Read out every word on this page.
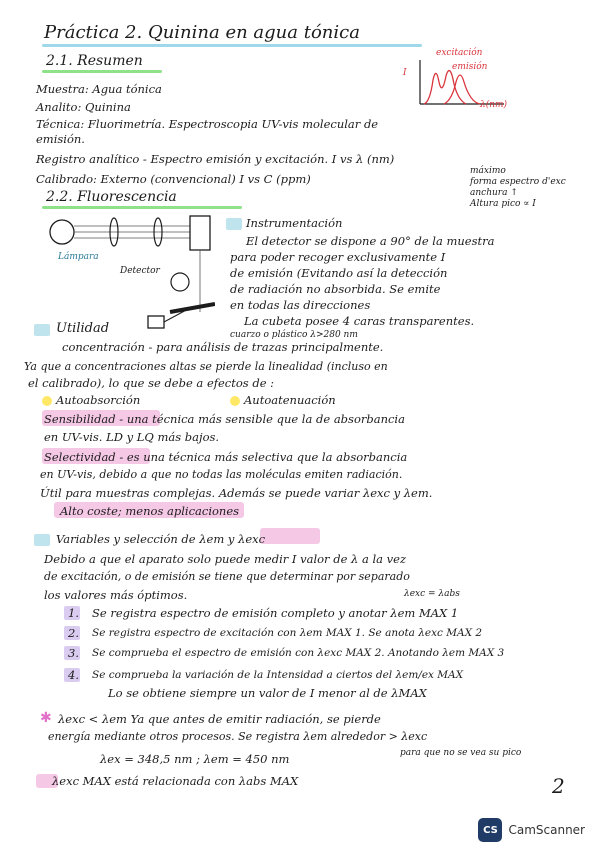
Práctica 2. Quinina en agua tónica
2.1. Resumen
Muestra: Agua tónica
Analito: Quinina
Técnica: Fluorimetría. Espectroscopia UV-vis molecular de
emisión.
Registro analítico - Espectro emisión y excitación. I vs λ (nm)
Calibrado: Externo (convencional) I vs C (ppm)
I
excitación
emisión
λ(nm)
máximo
forma espectro d'exc
anchura ↑
Altura pico ∝ I
2.2. Fluorescencia
Lámpara
Detector
Instrumentación
El detector se dispone a 90° de la muestra
para poder recoger exclusivamente I
de emisión (Evitando así la detección
de radiación no absorbida. Se emite
en todas las direcciones
La cubeta posee 4 caras transparentes.
cuarzo o plástico λ>280 nm
Utilidad
concentración - para análisis de trazas principalmente.
Ya que a concentraciones altas se pierde la linealidad (incluso en
el calibrado), lo que se debe a efectos de :
Autoabsorción	Autoatenuación
Sensibilidad - una técnica más sensible que la de absorbancia
en UV-vis. LD y LQ más bajos.
Selectividad - es una técnica más selectiva que la absorbancia
en UV-vis, debido a que no todas las moléculas emiten radiación.
Útil para muestras complejas. Además se puede variar λexc y λem.
Alto coste; menos aplicaciones
Variables y selección de λem y λexc
Debido a que el aparato solo puede medir I valor de λ a la vez
de excitación, o de emisión se tiene que determinar por separado
los valores más óptimos.	λexc = λabs
1. Se registra espectro de emisión completo y anotar λem MAX 1
2. Se registra espectro de excitación con λem MAX 1. Se anota λexc MAX 2
3. Se comprueba el espectro de emisión con λexc MAX 2. Anotando λem MAX 3
4. Se comprueba la variación de la Intensidad a ciertos del λem/ex MAX
Lo se obtiene siempre un valor de I menor al de λMAX
✱ λexc < λem Ya que antes de emitir radiación, se pierde
energía mediante otros procesos. Se registra λem alrededor > λexc
para que no se vea su pico
λex = 348,5 nm ; λem = 450 nm
λexc MAX está relacionada con λabs MAX	2
CS CamScanner
